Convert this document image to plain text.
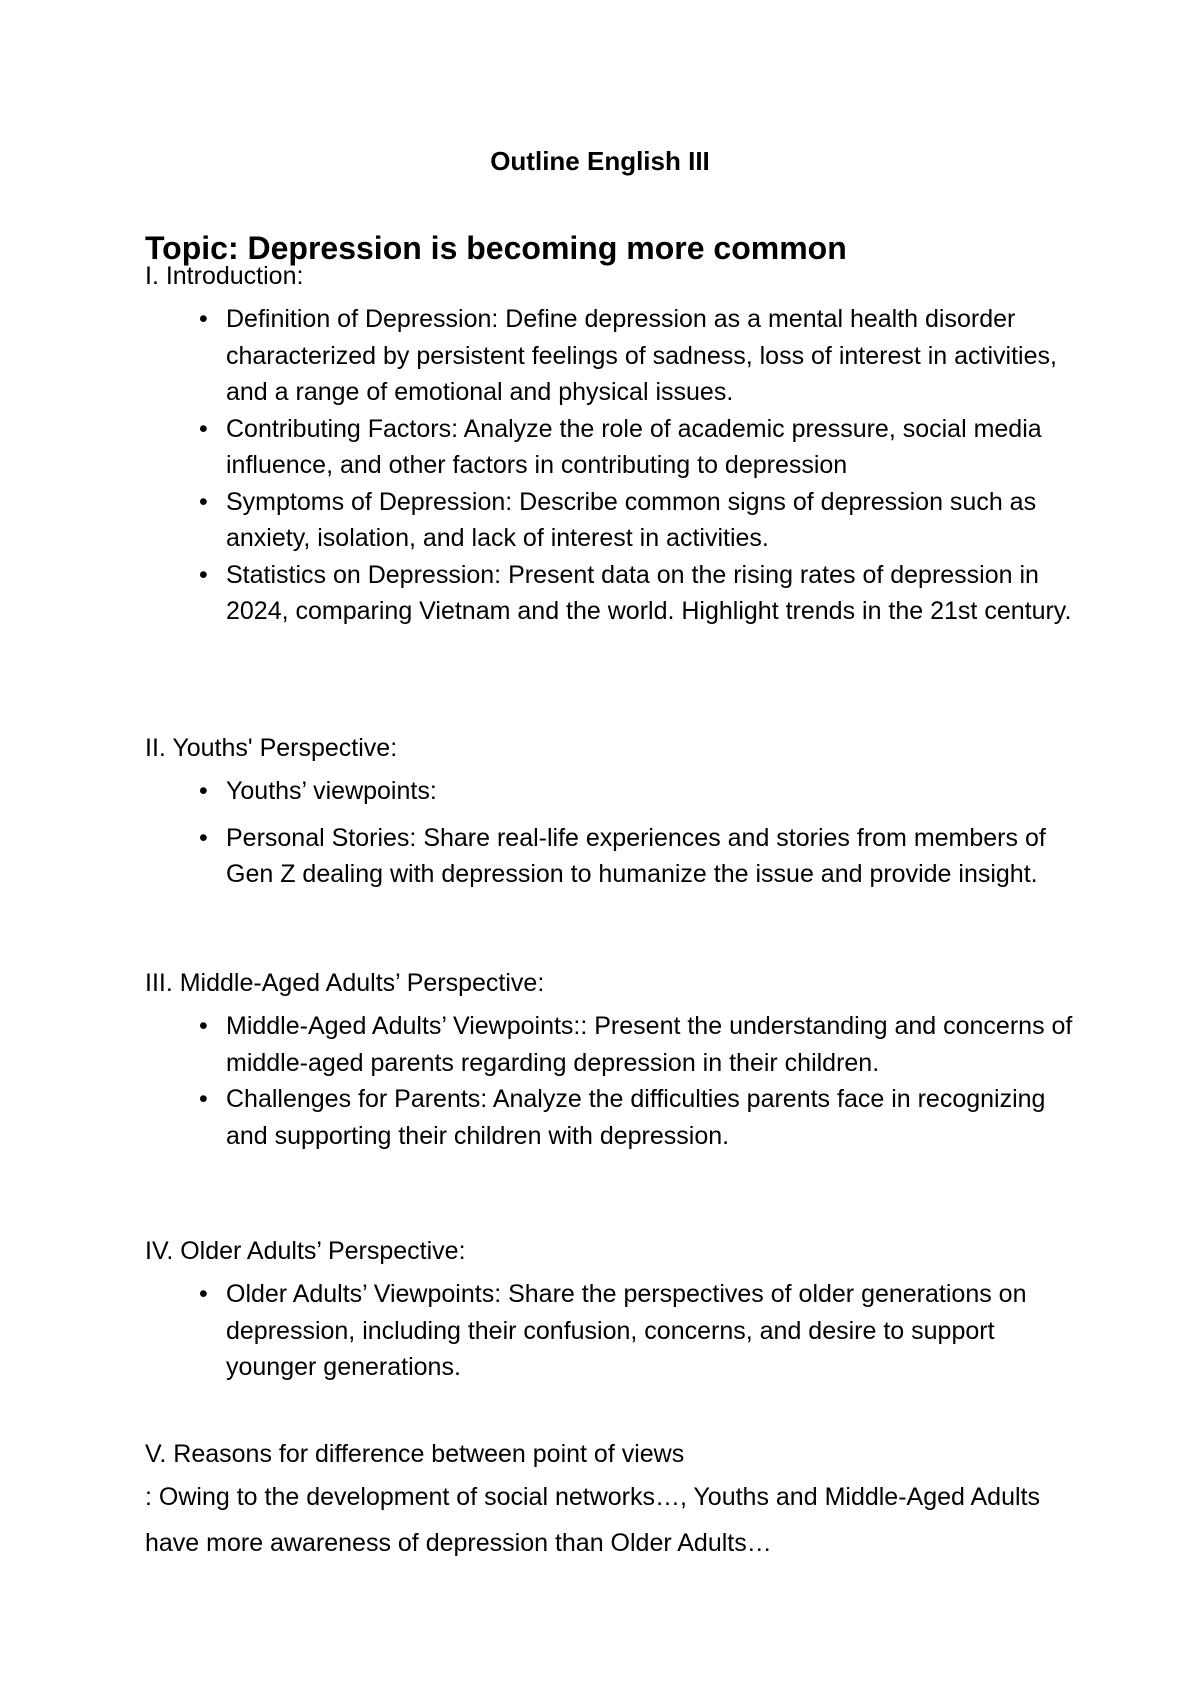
Outline English III
Topic: Depression is becoming more common

I. Introduction:

• Definition of Depression: Define depression as a mental health disorder characterized by persistent feelings of sadness, loss of interest in activities, and a range of emotional and physical issues.
• Contributing Factors: Analyze the role of academic pressure, social media influence, and other factors in contributing to depression
• Symptoms of Depression: Describe common signs of depression such as anxiety, isolation, and lack of interest in activities.
• Statistics on Depression: Present data on the rising rates of depression in 2024, comparing Vietnam and the world. Highlight trends in the 21st century.

II. Youths' Perspective:

• Youths’ viewpoints:
• Personal Stories: Share real-life experiences and stories from members of Gen Z dealing with depression to humanize the issue and provide insight.

III. Middle-Aged Adults’ Perspective:

• Middle-Aged Adults’ Viewpoints:: Present the understanding and concerns of middle-aged parents regarding depression in their children.
• Challenges for Parents: Analyze the difficulties parents face in recognizing and supporting their children with depression.

IV. Older Adults’ Perspective:

• Older Adults’ Viewpoints: Share the perspectives of older generations on depression, including their confusion, concerns, and desire to support younger generations.

V. Reasons for difference between point of views

: Owing to the development of social networks…, Youths and Middle-Aged Adults have more awareness of depression than Older Adults…
